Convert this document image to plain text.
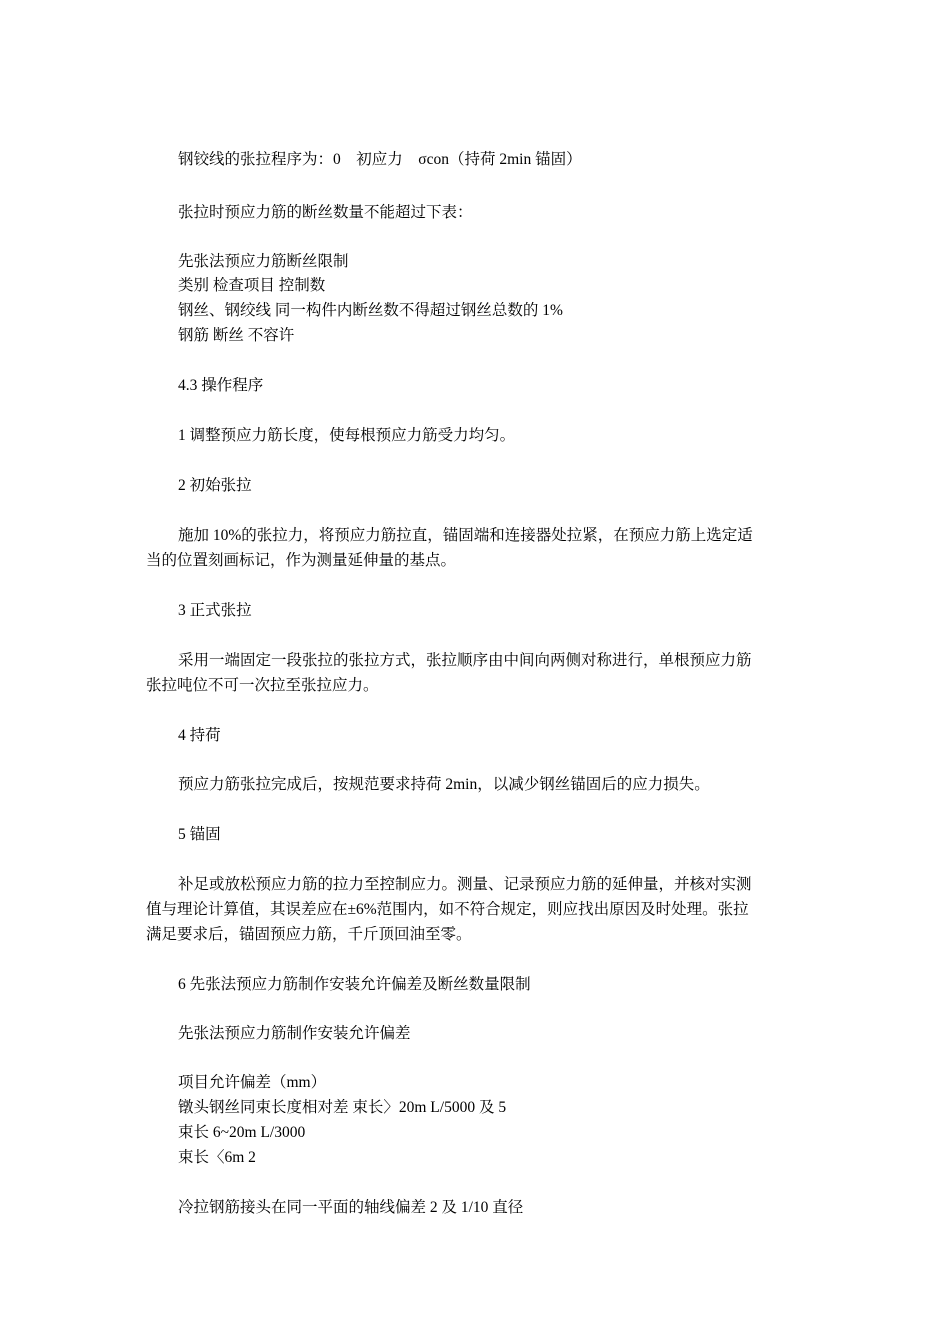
钢铰线的张拉程序为：0　初应力　σcon（持荷 2min 锚固）
张拉时预应力筋的断丝数量不能超过下表：
先张法预应力筋断丝限制
类别 检查项目 控制数
钢丝、钢绞线 同一构件内断丝数不得超过钢丝总数的 1%
钢筋 断丝 不容许
4.3 操作程序
1 调整预应力筋长度，使每根预应力筋受力均匀。
2 初始张拉
施加 10%的张拉力，将预应力筋拉直，锚固端和连接器处拉紧，在预应力筋上选定适
当的位置刻画标记，作为测量延伸量的基点。
3 正式张拉
采用一端固定一段张拉的张拉方式，张拉顺序由中间向两侧对称进行，单根预应力筋
张拉吨位不可一次拉至张拉应力。
4 持荷
预应力筋张拉完成后，按规范要求持荷 2min，以减少钢丝锚固后的应力损失。
5 锚固
补足或放松预应力筋的拉力至控制应力。测量、记录预应力筋的延伸量，并核对实测
值与理论计算值，其误差应在±6%范围内，如不符合规定，则应找出原因及时处理。张拉
满足要求后，锚固预应力筋，千斤顶回油至零。
6 先张法预应力筋制作安装允许偏差及断丝数量限制
先张法预应力筋制作安装允许偏差
项目允许偏差（mm）
镦头钢丝同束长度相对差 束长〉20m L/5000 及 5
束长 6~20m L/3000
束长〈6m 2
冷拉钢筋接头在同一平面的轴线偏差 2 及 1/10 直径
